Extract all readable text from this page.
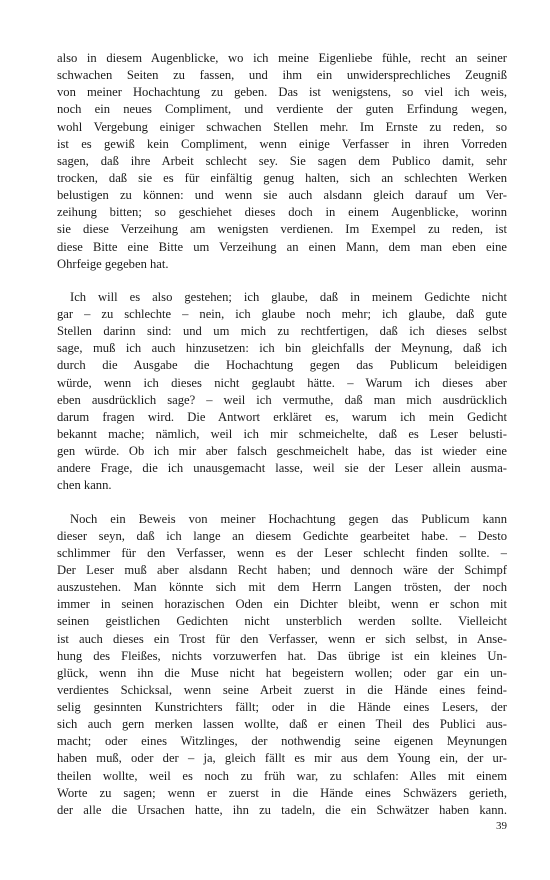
also in diesem Augenblicke, wo ich meine Eigenliebe fühle, recht an seiner
schwachen Seiten zu fassen, und ihm ein unwidersprechliches Zeugniß
von meiner Hochachtung zu geben. Das ist wenigstens, so viel ich weis,
noch ein neues Compliment, und verdiente der guten Erfindung wegen,
wohl Vergebung einiger schwachen Stellen mehr. Im Ernste zu reden, so
ist es gewiß kein Compliment, wenn einige Verfasser in ihren Vorreden
sagen, daß ihre Arbeit schlecht sey. Sie sagen dem Publico damit, sehr
trocken, daß sie es für einfältig genug halten, sich an schlechten Werken
belustigen zu können: und wenn sie auch alsdann gleich darauf um Ver-
zeihung bitten; so geschiehet dieses doch in einem Augenblicke, worinn
sie diese Verzeihung am wenigsten verdienen. Im Exempel zu reden, ist
diese Bitte eine Bitte um Verzeihung an einen Mann, dem man eben eine
Ohrfeige gegeben hat.
Ich will es also gestehen; ich glaube, daß in meinem Gedichte nicht
gar – zu schlechte – nein, ich glaube noch mehr; ich glaube, daß gute
Stellen darinn sind: und um mich zu rechtfertigen, daß ich dieses selbst
sage, muß ich auch hinzusetzen: ich bin gleichfalls der Meynung, daß ich
durch die Ausgabe die Hochachtung gegen das Publicum beleidigen
würde, wenn ich dieses nicht geglaubt hätte. – Warum ich dieses aber
eben ausdrücklich sage? – weil ich vermuthe, daß man mich ausdrücklich
darum fragen wird. Die Antwort erkläret es, warum ich mein Gedicht
bekannt mache; nämlich, weil ich mir schmeichelte, daß es Leser belusti-
gen würde. Ob ich mir aber falsch geschmeichelt habe, das ist wieder eine
andere Frage, die ich unausgemacht lasse, weil sie der Leser allein ausma-
chen kann.
Noch ein Beweis von meiner Hochachtung gegen das Publicum kann
dieser seyn, daß ich lange an diesem Gedichte gearbeitet habe. – Desto
schlimmer für den Verfasser, wenn es der Leser schlecht finden sollte. –
Der Leser muß aber alsdann Recht haben; und dennoch wäre der Schimpf
auszustehen. Man könnte sich mit dem Herrn Langen trösten, der noch
immer in seinen horazischen Oden ein Dichter bleibt, wenn er schon mit
seinen geistlichen Gedichten nicht unsterblich werden sollte. Vielleicht
ist auch dieses ein Trost für den Verfasser, wenn er sich selbst, in Anse-
hung des Fleißes, nichts vorzuwerfen hat. Das übrige ist ein kleines Un-
glück, wenn ihn die Muse nicht hat begeistern wollen; oder gar ein un-
verdientes Schicksal, wenn seine Arbeit zuerst in die Hände eines feind-
selig gesinnten Kunstrichters fällt; oder in die Hände eines Lesers, der
sich auch gern merken lassen wollte, daß er einen Theil des Publici aus-
macht; oder eines Witzlinges, der nothwendig seine eigenen Meynungen
haben muß, oder der – ja, gleich fällt es mir aus dem Young ein, der ur-
theilen wollte, weil es noch zu früh war, zu schlafen: Alles mit einem
Worte zu sagen; wenn er zuerst in die Hände eines Schwäzers gerieth,
der alle die Ursachen hatte, ihn zu tadeln, die ein Schwätzer haben kann.
39
